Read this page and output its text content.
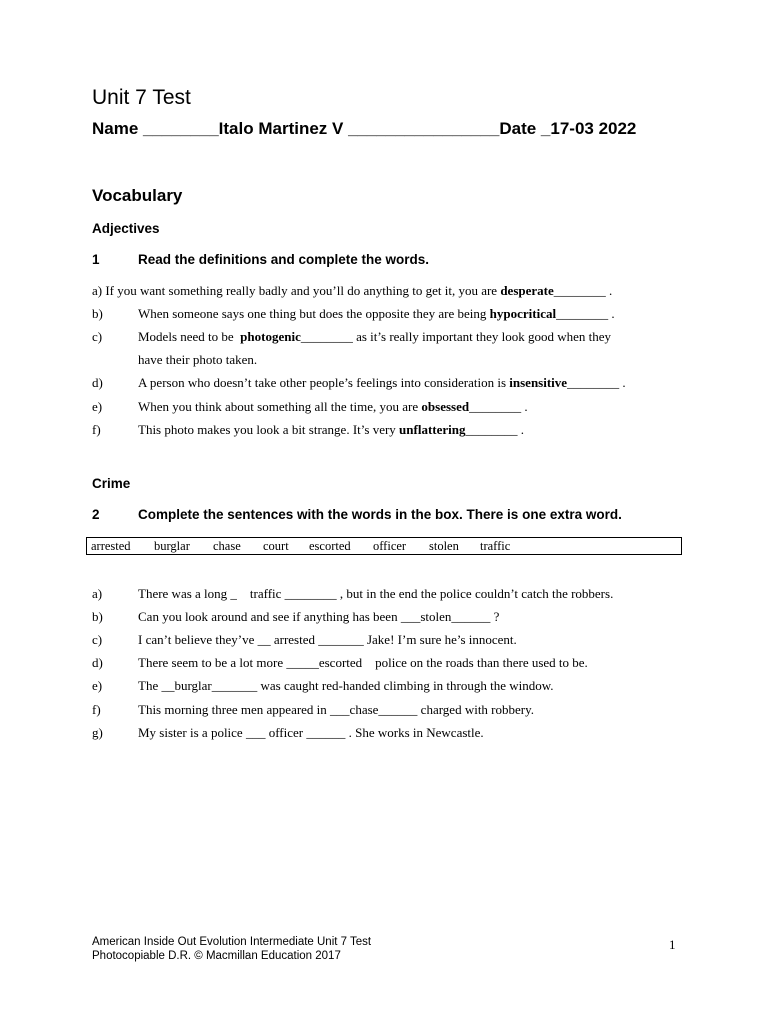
Unit 7 Test
Name ________Italo Martinez V ________________Date _17-03 2022
Vocabulary
Adjectives
1	Read the definitions and complete the words.
a) If you want something really badly and you’ll do anything to get it, you are desperate________ .
b)	When someone says one thing but does the opposite they are being hypocritical________ .
c)	Models need to be  photogenic________ as it’s really important they look good when they
have their photo taken.
d)	A person who doesn’t take other people’s feelings into consideration is insensitive________ .
e)	When you think about something all the time, you are obsessed________ .
f)	This photo makes you look a bit strange. It’s very unflattering________ .
Crime
2	Complete the sentences with the words in the box. There is one extra word.
arrested burglar chase court escorted officer stolen traffic
a)	There was a long _    traffic ________ , but in the end the police couldn’t catch the robbers.
b)	Can you look around and see if anything has been ___stolen______ ?
c)	I can’t believe they’ve __ arrested _______ Jake! I’m sure he’s innocent.
d)	There seem to be a lot more _____escorted    police on the roads than there used to be.
e)	The __burglar_______ was caught red-handed climbing in through the window.
f)	This morning three men appeared in ___chase______ charged with robbery.
g)	My sister is a police ___ officer ______ . She works in Newcastle.
American Inside Out Evolution Intermediate Unit 7 Test
Photocopiable D.R. © Macmillan Education 2017
1
